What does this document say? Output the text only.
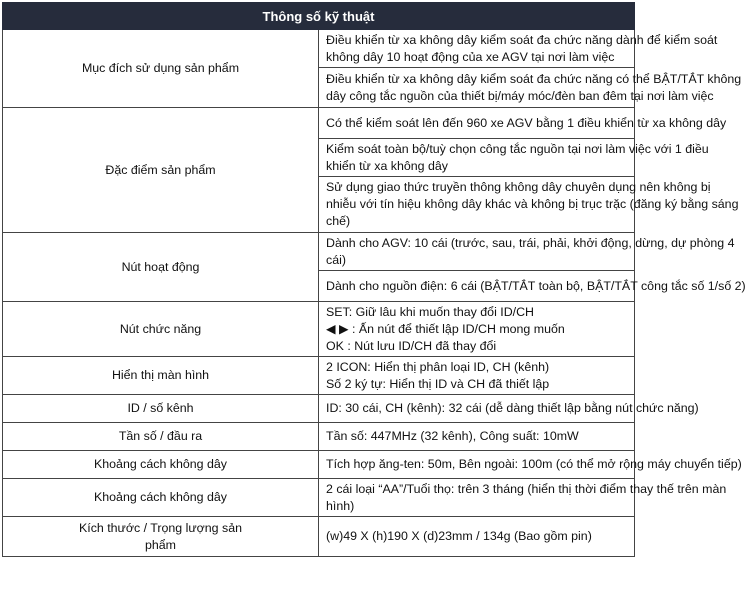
Thông số kỹ thuật	
Mục đích sử dụng sản phẩm	Điều khiển từ xa không dây kiểm soát đa chức năng dành để kiểm soát
không dây 10 hoạt động của xe AGV tại nơi làm việc

	Điều khiển từ xa không dây kiểm soát đa chức năng có thể BẬT/TẮT không
dây công tắc nguồn của thiết bị/máy móc/đèn ban đêm tại nơi làm việc

Đặc điểm sản phẩm	Có thể kiểm soát lên đến 960 xe AGV bằng 1 điều khiển từ xa không dây

	Kiểm soát toàn bộ/tuỳ chọn công tắc nguồn tại nơi làm việc với 1 điều
khiển từ xa không dây

	Sử dụng giao thức truyền thông không dây chuyên dụng nên không bị
nhiễu với tín hiệu không dây khác và không bị trục trặc (đăng ký bằng sáng
chế)

Nút hoạt động	Dành cho AGV: 10 cái (trước, sau, trái, phải, khởi động, dừng, dự phòng 4
cái)

	Dành cho nguồn điện: 6 cái (BẬT/TẮT toàn bộ, BẬT/TẮT công tắc số 1/số 2)

Nút chức năng	SET: Giữ lâu khi muốn thay đổi ID/CH
◀ ▶ : Ấn nút để thiết lập ID/CH mong muốn
OK : Nút lưu ID/CH đã thay đổi

Hiển thị màn hình	2 ICON: Hiển thị phân loại ID, CH (kênh)
Số 2 ký tự: Hiển thị ID và CH đã thiết lập

ID / số kênh	ID: 30 cái, CH (kênh): 32 cái (dễ dàng thiết lập bằng nút chức năng)

Tần số / đầu ra	Tần số: 447MHz (32 kênh), Công suất: 10mW

Khoảng cách không dây	Tích hợp ăng-ten: 50m, Bên ngoài: 100m (có thể mở rộng máy chuyển tiếp)

Khoảng cách không dây	2 cái loại “AA”/Tuổi thọ: trên 3 tháng (hiển thị thời điểm thay thế trên màn
hình)

Kích thước / Trọng lượng sản
phẩm	(w)49 X (h)190 X (d)23mm / 134g (Bao gồm pin)
